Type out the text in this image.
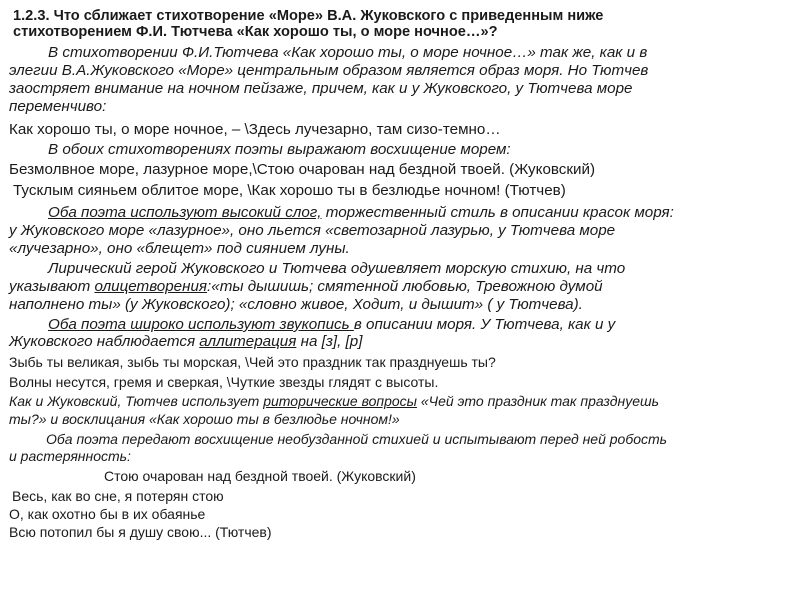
1.2.3. Что сближает стихотворение «Море» В.А. Жуковского с приведенным ниже
стихотворением Ф.И. Тютчева «Как хорошо ты, о море ночное…»?
В стихотворении Ф.И.Тютчева «Как хорошо ты, о море ночное…» так же, как и в
элегии В.А.Жуковского «Море» центральным образом является образ моря. Но Тютчев
заостряет внимание на ночном пейзаже, причем, как и у Жуковского, у Тютчева море
переменчиво:
Как хорошо ты, о море ночное, – \Здесь лучезарно, там сизо-темно…
В обоих стихотворениях поэты выражают восхищение морем:
Безмолвное море, лазурное море,\Стою очарован над бездной твоей. (Жуковский)
Тусклым сияньем облитое море, \Как хорошо ты в безлюдье ночном! (Тютчев)
Оба поэта используют высокий слог, торжественный стиль в описании красок моря:
у Жуковского море «лазурное», оно льется «светозарной лазурью, у Тютчева море
«лучезарно», оно «блещет» под сиянием луны.
Лирический герой Жуковского и Тютчева одушевляет морскую стихию, на что
указывают олицетворения:«ты дышишь; смятенной любовью, Тревожною думой
наполнено ты» (у Жуковского); «словно живое, Ходит, и дышит» ( у Тютчева).
Оба поэта широко используют звукопись в описании моря. У Тютчева, как и у
Жуковского наблюдается аллитерация на [з], [р]
Зыбь ты великая, зыбь ты морская, \Чей это праздник так празднуешь ты?
Волны несутся, гремя и сверкая, \Чуткие звезды глядят с высоты.
Как и Жуковский, Тютчев использует риторические вопросы «Чей это праздник так празднуешь
ты?» и восклицания «Как хорошо ты в безлюдье ночном!»
Оба поэта передают восхищение необузданной стихией и испытывают перед ней робость
и растерянность:
Стою очарован над бездной твоей. (Жуковский)
Весь, как во сне, я потерян стою
О, как охотно бы в их обаянье
Всю потопил бы я душу свою... (Тютчев)
